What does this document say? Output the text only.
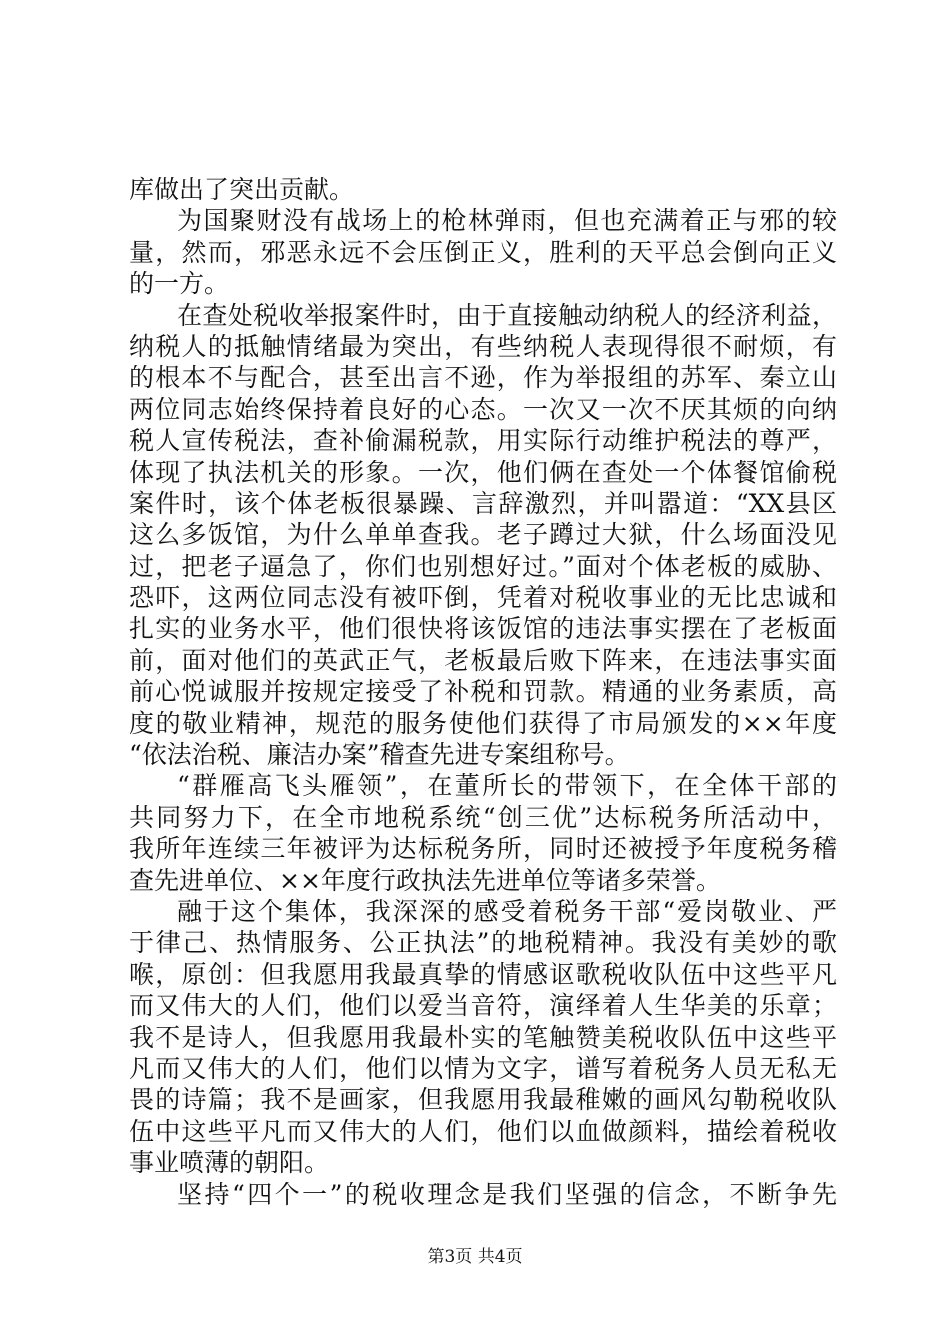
库做出了突出贡献。
为国聚财没有战场上的枪林弹雨，但也充满着正与邪的较
量，然而，邪恶永远不会压倒正义，胜利的天平总会倒向正义
的一方。
在查处税收举报案件时，由于直接触动纳税人的经济利益，
纳税人的抵触情绪最为突出，有些纳税人表现得很不耐烦，有
的根本不与配合，甚至出言不逊，作为举报组的苏军、秦立山
两位同志始终保持着良好的心态。一次又一次不厌其烦的向纳
税人宣传税法，查补偷漏税款，用实际行动维护税法的尊严，
体现了执法机关的形象。一次，他们俩在查处一个体餐馆偷税
案件时，该个体老板很暴躁、言辞激烈，并叫嚣道：“XX县区
这么多饭馆，为什么单单查我。老子蹲过大狱，什么场面没见
过，把老子逼急了，你们也别想好过。”面对个体老板的威胁、
恐吓，这两位同志没有被吓倒，凭着对税收事业的无比忠诚和
扎实的业务水平，他们很快将该饭馆的违法事实摆在了老板面
前，面对他们的英武正气，老板最后败下阵来，在违法事实面
前心悦诚服并按规定接受了补税和罚款。精通的业务素质，高
度的敬业精神，规范的服务使他们获得了市局颁发的××年度
“依法治税、廉洁办案”稽查先进专案组称号。
“群雁高飞头雁领”，在董所长的带领下，在全体干部的
共同努力下，在全市地税系统“创三优”达标税务所活动中，
我所年连续三年被评为达标税务所，同时还被授予年度税务稽
查先进单位、××年度行政执法先进单位等诸多荣誉。
融于这个集体，我深深的感受着税务干部“爱岗敬业、严
于律己、热情服务、公正执法”的地税精神。我没有美妙的歌
喉，原创：但我愿用我最真挚的情感讴歌税收队伍中这些平凡
而又伟大的人们，他们以爱当音符，演绎着人生华美的乐章；
我不是诗人，但我愿用我最朴实的笔触赞美税收队伍中这些平
凡而又伟大的人们，他们以情为文字，谱写着税务人员无私无
畏的诗篇；我不是画家，但我愿用我最稚嫩的画风勾勒税收队
伍中这些平凡而又伟大的人们，他们以血做颜料，描绘着税收
事业喷薄的朝阳。
坚持“四个一”的税收理念是我们坚强的信念，不断争先
第3页 共4页
